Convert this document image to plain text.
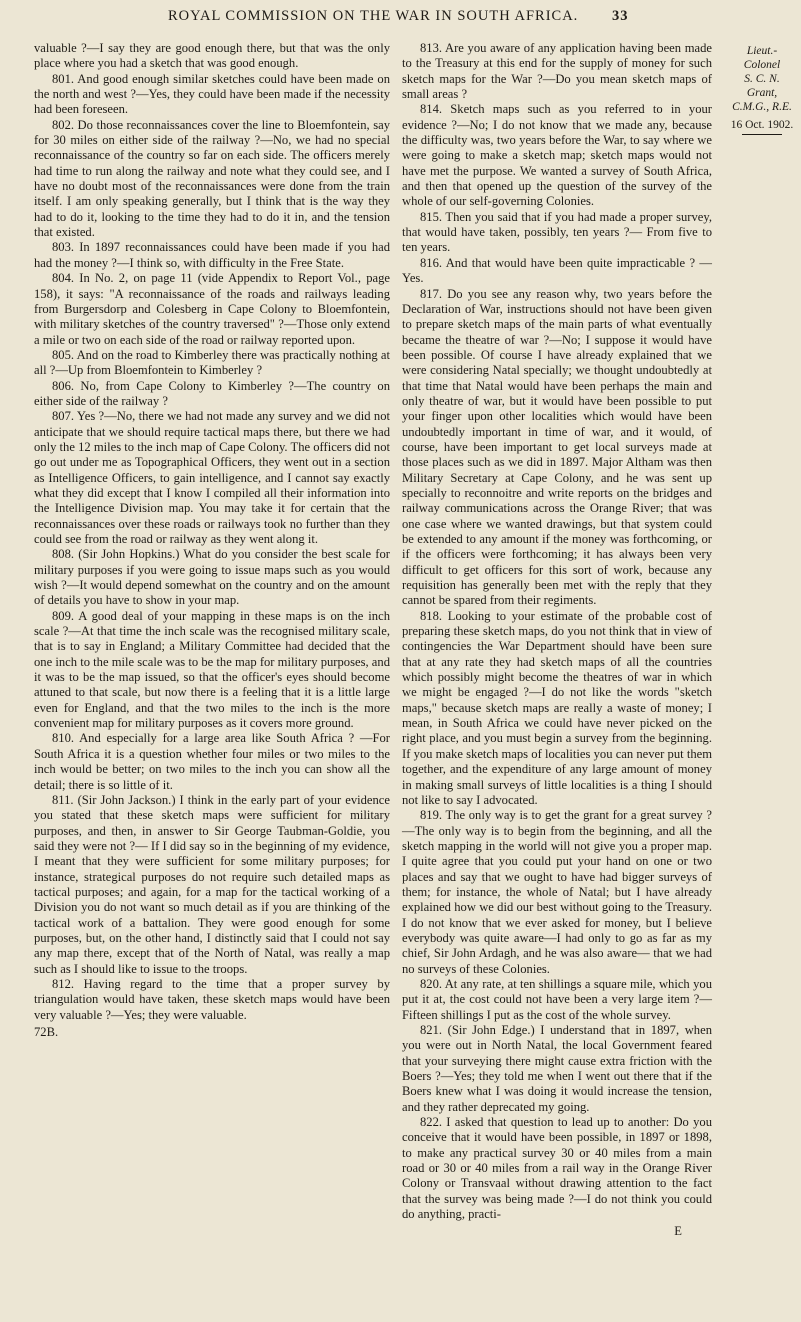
ROYAL COMMISSION ON THE WAR IN SOUTH AFRICA. 33

valuable ?—I say they are good enough there, but that was the only place where you had a sketch that was good enough.

801. And good enough similar sketches could have been made on the north and west ?—Yes, they could have been made if the necessity had been foreseen.

802. Do those reconnaissances cover the line to Bloemfontein, say for 30 miles on either side of the railway ?—No, we had no special reconnaissance of the country so far on each side. The officers merely had time to run along the railway and note what they could see, and I have no doubt most of the reconnaissances were done from the train itself. I am only speaking generally, but I think that is the way they had to do it, looking to the time they had to do it in, and the tension that existed.

803. In 1897 reconnaissances could have been made if you had had the money ?—I think so, with difficulty in the Free State.

804. In No. 2, on page 11 (vide Appendix to Report Vol., page 158), it says: "A reconnaissance of the roads and railways leading from Burgersdorp and Colesberg in Cape Colony to Bloemfontein, with military sketches of the country traversed" ?—Those only extend a mile or two on each side of the road or railway reported upon.

805. And on the road to Kimberley there was practically nothing at all ?—Up from Bloemfontein to Kimberley ?

806. No, from Cape Colony to Kimberley ?—The country on either side of the railway ?

807. Yes ?—No, there we had not made any survey and we did not anticipate that we should require tactical maps there, but there we had only the 12 miles to the inch map of Cape Colony. The officers did not go out under me as Topographical Officers, they went out in a section as Intelligence Officers, to gain intelligence, and I cannot say exactly what they did except that I know I compiled all their information into the Intelligence Division map. You may take it for certain that the reconnaissances over these roads or railways took no further than they could see from the road or railway as they went along it.

808. (Sir John Hopkins.) What do you consider the best scale for military purposes if you were going to issue maps such as you would wish ?—It would depend somewhat on the country and on the amount of details you have to show in your map.

809. A good deal of your mapping in these maps is on the inch scale ?—At that time the inch scale was the recognised military scale, that is to say in England; a Military Committee had decided that the one inch to the mile scale was to be the map for military purposes, and it was to be the map issued, so that the officer's eyes should become attuned to that scale, but now there is a feeling that it is a little large even for England, and that the two miles to the inch is the more convenient map for military purposes as it covers more ground.

810. And especially for a large area like South Africa ? —For South Africa it is a question whether four miles or two miles to the inch would be better; on two miles to the inch you can show all the detail; there is so little of it.

811. (Sir John Jackson.) I think in the early part of your evidence you stated that these sketch maps were sufficient for military purposes, and then, in answer to Sir George Taubman-Goldie, you said they were not ?— If I did say so in the beginning of my evidence, I meant that they were sufficient for some military purposes; for instance, strategical purposes do not require such detailed maps as tactical purposes; and again, for a map for the tactical working of a Division you do not want so much detail as if you are thinking of the tactical work of a battalion. They were good enough for some purposes, but, on the other hand, I distinctly said that I could not say any map there, except that of the North of Natal, was really a map such as I should like to issue to the troops.

812. Having regard to the time that a proper survey by triangulation would have taken, these sketch maps would have been very valuable ?—Yes; they were valuable.

72B.

813. Are you aware of any application having been made to the Treasury at this end for the supply of money for such sketch maps for the War ?—Do you mean sketch maps of small areas ?

814. Sketch maps such as you referred to in your evidence ?—No; I do not know that we made any, because the difficulty was, two years before the War, to say where we were going to make a sketch map; sketch maps would not have met the purpose. We wanted a survey of South Africa, and then that opened up the question of the survey of the whole of our self-governing Colonies.

815. Then you said that if you had made a proper survey, that would have taken, possibly, ten years ?— From five to ten years.

816. And that would have been quite impracticable ? —Yes.

817. Do you see any reason why, two years before the Declaration of War, instructions should not have been given to prepare sketch maps of the main parts of what eventually became the theatre of war ?—No; I suppose it would have been possible. Of course I have already explained that we were considering Natal specially; we thought undoubtedly at that time that Natal would have been perhaps the main and only theatre of war, but it would have been possible to put your finger upon other localities which would have been undoubtedly important in time of war, and it would, of course, have been important to get local surveys made at those places such as we did in 1897. Major Altham was then Military Secretary at Cape Colony, and he was sent up specially to reconnoitre and write reports on the bridges and railway communications across the Orange River; that was one case where we wanted drawings, but that system could be extended to any amount if the money was forthcoming, or if the officers were forthcoming; it has always been very difficult to get officers for this sort of work, because any requisition has generally been met with the reply that they cannot be spared from their regiments.

818. Looking to your estimate of the probable cost of preparing these sketch maps, do you not think that in view of contingencies the War Department should have been sure that at any rate they had sketch maps of all the countries which possibly might become the theatres of war in which we might be engaged ?—I do not like the words "sketch maps," because sketch maps are really a waste of money; I mean, in South Africa we could have never picked on the right place, and you must begin a survey from the beginning. If you make sketch maps of localities you can never put them together, and the expenditure of any large amount of money in making small surveys of little localities is a thing I should not like to say I advocated.

819. The only way is to get the grant for a great survey ?—The only way is to begin from the beginning, and all the sketch mapping in the world will not give you a proper map. I quite agree that you could put your hand on one or two places and say that we ought to have had bigger surveys of them; for instance, the whole of Natal; but I have already explained how we did our best without going to the Treasury. I do not know that we ever asked for money, but I believe everybody was quite aware—I had only to go as far as my chief, Sir John Ardagh, and he was also aware— that we had no surveys of these Colonies.

820. At any rate, at ten shillings a square mile, which you put it at, the cost could not have been a very large item ?—Fifteen shillings I put as the cost of the whole survey.

821. (Sir John Edge.) I understand that in 1897, when you were out in North Natal, the local Government feared that your surveying there might cause extra friction with the Boers ?—Yes; they told me when I went out there that if the Boers knew what I was doing it would increase the tension, and they rather deprecated my going.

822. I asked that question to lead up to another: Do you conceive that it would have been possible, in 1897 or 1898, to make any practical survey 30 or 40 miles from a main road or 30 or 40 miles from a rail way in the Orange River Colony or Transvaal without drawing attention to the fact that the survey was being made ?—I do not think you could do anything, practi-

E

Lieut.-
Colonel
S. C. N.
Grant,
C.M.G., R.E.
16 Oct. 1902.
